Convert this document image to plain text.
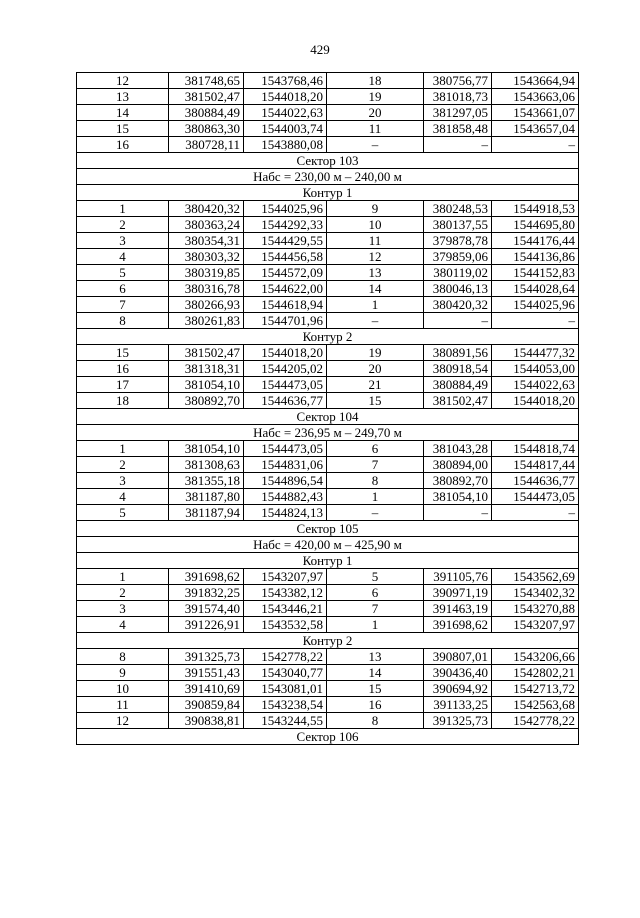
429
12	381748,65	1543768,46	18	380756,77	1543664,94
13	381502,47	1544018,20	19	381018,73	1543663,06
14	380884,49	1544022,63	20	381297,05	1543661,07
15	380863,30	1544003,74	11	381858,48	1543657,04
16	380728,11	1543880,08	–	–	–
Сектор 103					
Набс = 230,00 м – 240,00 м					
Контур 1					
1	380420,32	1544025,96	9	380248,53	1544918,53
2	380363,24	1544292,33	10	380137,55	1544695,80
3	380354,31	1544429,55	11	379878,78	1544176,44
4	380303,32	1544456,58	12	379859,06	1544136,86
5	380319,85	1544572,09	13	380119,02	1544152,83
6	380316,78	1544622,00	14	380046,13	1544028,64
7	380266,93	1544618,94	1	380420,32	1544025,96
8	380261,83	1544701,96	–	–	–
Контур 2					
15	381502,47	1544018,20	19	380891,56	1544477,32
16	381318,31	1544205,02	20	380918,54	1544053,00
17	381054,10	1544473,05	21	380884,49	1544022,63
18	380892,70	1544636,77	15	381502,47	1544018,20
Сектор 104					
Набс = 236,95 м – 249,70 м					
1	381054,10	1544473,05	6	381043,28	1544818,74
2	381308,63	1544831,06	7	380894,00	1544817,44
3	381355,18	1544896,54	8	380892,70	1544636,77
4	381187,80	1544882,43	1	381054,10	1544473,05
5	381187,94	1544824,13	–	–	–
Сектор 105					
Набс = 420,00 м – 425,90 м					
Контур 1					
1	391698,62	1543207,97	5	391105,76	1543562,69
2	391832,25	1543382,12	6	390971,19	1543402,32
3	391574,40	1543446,21	7	391463,19	1543270,88
4	391226,91	1543532,58	1	391698,62	1543207,97
Контур 2					
8	391325,73	1542778,22	13	390807,01	1543206,66
9	391551,43	1543040,77	14	390436,40	1542802,21
10	391410,69	1543081,01	15	390694,92	1542713,72
11	390859,84	1543238,54	16	391133,25	1542563,68
12	390838,81	1543244,55	8	391325,73	1542778,22
Сектор 106					
